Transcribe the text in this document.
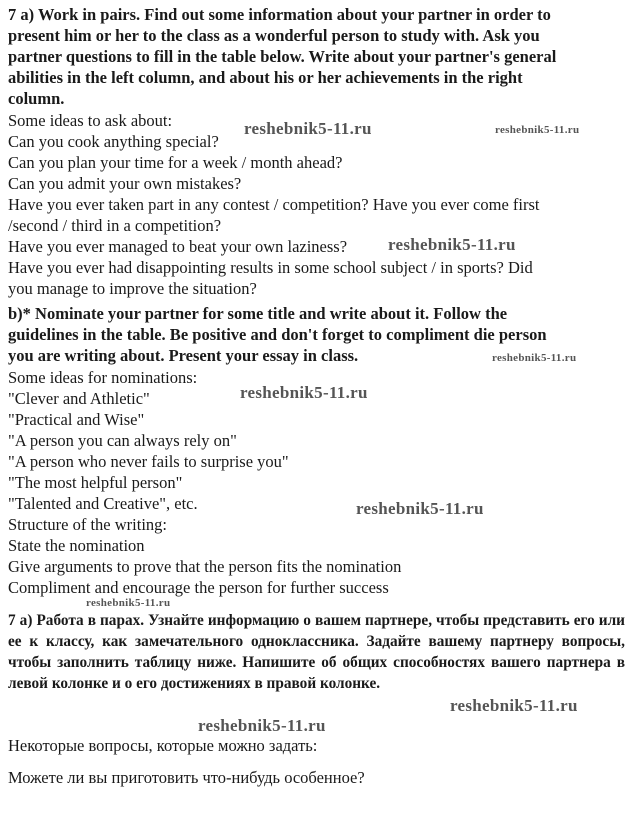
7 a) Work in pairs. Find out some information about your partner in order to
present him or her to the class as a wonderful person to study with. Ask you
partner questions to fill in the table below. Write about your partner's general
abilities in the left column, and about his or her achievements in the right
column.
Some ideas to ask about:
Can you cook anything special?
Can you plan your time for a week / month ahead?
Can you admit your own mistakes?
Have you ever taken part in any contest / competition? Have you ever come first
/second / third in a competition?
Have you ever managed to beat your own laziness?
Have you ever had disappointing results in some school subject / in sports? Did
you manage to improve the situation?
b)* Nominate your partner for some title and write about it. Follow the
guidelines in the table. Be positive and don't forget to compliment die person
you are writing about. Present your essay in class.
Some ideas for nominations:
"Clever and Athletic"
"Practical and Wise"
"A person you can always rely on"
"A person who never fails to surprise you"
"The most helpful person"
"Talented and Creative", etc.
Structure of the writing:
State the nomination
Give arguments to prove that the person fits the nomination
Compliment and encourage the person for further success

7 а) Работа в парах. Узнайте информацию о вашем партнере, чтобы представить его или ее к классу, как замечательного одноклассника. Задайте вашему партнеру вопросы, чтобы заполнить таблицу ниже. Напишите об общих способностях вашего партнера в левой колонке и о его достижениях в правой колонке.

Некоторые вопросы, которые можно задать:
Можете ли вы приготовить что-нибудь особенное?
reshebnik5-11.ru	reshebnik5-11.ru
reshebnik5-11.ru
reshebnik5-11.ru
reshebnik5-11.ru
reshebnik5-11.ru
reshebnik5-11.ru
reshebnik5-11.ru
reshebnik5-11.ru
